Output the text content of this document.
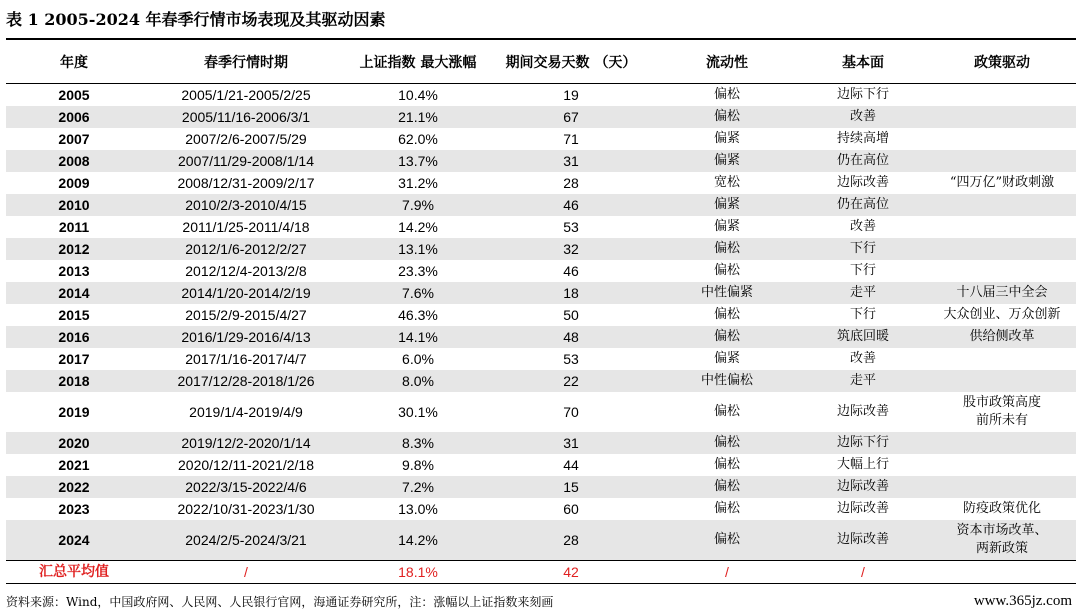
表 1 2005-2024 年春季行情市场表现及其驱动因素
年度	春季行情时期	上证指数 最大涨幅	期间交易天数 （天）	流动性	基本面	政策驱动
2005	2005/1/21-2005/2/25	10.4%	19	偏松	边际下行	

2006	2005/11/16-2006/3/1	21.1%	67	偏松	改善	

2007	2007/2/6-2007/5/29	62.0%	71	偏紧	持续高增	

2008	2007/11/29-2008/1/14	13.7%	31	偏紧	仍在高位	

2009	2008/12/31-2009/2/17	31.2%	28	宽松	边际改善	“四万亿”财政刺激

2010	2010/2/3-2010/4/15	7.9%	46	偏紧	仍在高位	

2011	2011/1/25-2011/4/18	14.2%	53	偏紧	改善	

2012	2012/1/6-2012/2/27	13.1%	32	偏松	下行	

2013	2012/12/4-2013/2/8	23.3%	46	偏松	下行	

2014	2014/1/20-2014/2/19	7.6%	18	中性偏紧	走平	十八届三中全会

2015	2015/2/9-2015/4/27	46.3%	50	偏松	下行	大众创业、万众创新

2016	2016/1/29-2016/4/13	14.1%	48	偏松	筑底回暖	供给侧改革

2017	2017/1/16-2017/4/7	6.0%	53	偏紧	改善	

2018	2017/12/28-2018/1/26	8.0%	22	中性偏松	走平	

2019	2019/1/4-2019/4/9	30.1%	70	偏松	边际改善	股市政策高度
前所未有

2020	2019/12/2-2020/1/14	8.3%	31	偏松	边际下行	

2021	2020/12/11-2021/2/18	9.8%	44	偏松	大幅上行	

2022	2022/3/15-2022/4/6	7.2%	15	偏松	边际改善	

2023	2022/10/31-2023/1/30	13.0%	60	偏松	边际改善	防疫政策优化

2024	2024/2/5-2024/3/21	14.2%	28	偏松	边际改善	资本市场改革、
两新政策

汇总平均值	/	18.1%	42	/	/	
资料来源：Wind，中国政府网、人民网、人民银行官网，海通证券研究所，注：涨幅以上证指数来刻画	www.365jz.com
